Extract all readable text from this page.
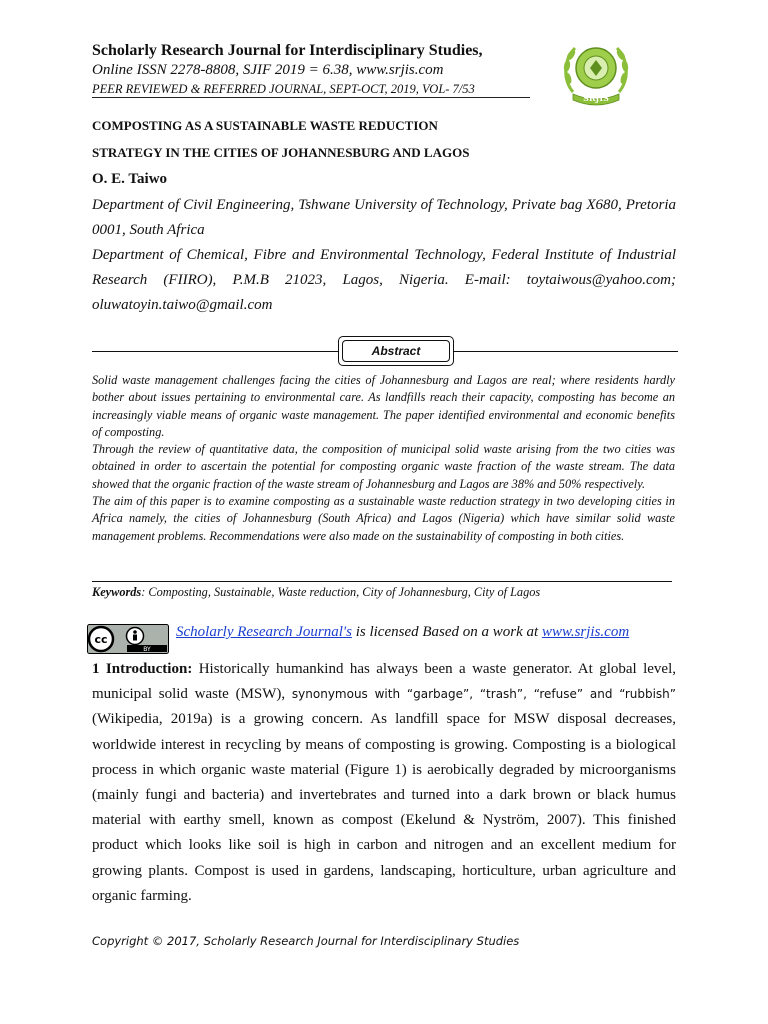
Scholarly Research Journal for Interdisciplinary Studies,
Online ISSN 2278-8808, SJIF 2019 = 6.38, www.srjis.com
PEER REVIEWED & REFERRED JOURNAL, SEPT-OCT, 2019, VOL- 7/53
SRJIS
COMPOSTING AS A SUSTAINABLE WASTE REDUCTION
STRATEGY IN THE CITIES OF JOHANNESBURG AND LAGOS
O. E. Taiwo

Department of Civil Engineering, Tshwane University of Technology, Private bag X680, Pretoria 0001, South Africa

Department of Chemical, Fibre and Environmental Technology, Federal Institute of Industrial Research (FIIRO), P.M.B 21023, Lagos, Nigeria. E-mail: toytaiwous@yahoo.com; oluwatoyin.taiwo@gmail.com

Abstract

Solid waste management challenges facing the cities of Johannesburg and Lagos are real; where residents hardly bother about issues pertaining to environmental care. As landfills reach their capacity, composting has become an increasingly viable means of organic waste management. The paper identified environmental and economic benefits of composting.

Through the review of quantitative data, the composition of municipal solid waste arising from the two cities was obtained in order to ascertain the potential for composting organic waste fraction of the waste stream. The data showed that the organic fraction of the waste stream of Johannesburg and Lagos are 38% and 50% respectively.

The aim of this paper is to examine composting as a sustainable waste reduction strategy in two developing cities in Africa namely, the cities of Johannesburg (South Africa) and Lagos (Nigeria) which have similar solid waste management problems. Recommendations were also made on the sustainability of composting in both cities.

Keywords: Composting, Sustainable, Waste reduction, City of Johannesburg, City of Lagos
BY
cc	Scholarly Research Journal's is licensed Based on a work at www.srjis.com

1 Introduction: Historically humankind has always been a waste generator. At global level, municipal solid waste (MSW), synonymous with “garbage”, “trash”, “refuse” and “rubbish” (Wikipedia, 2019a) is a growing concern. As landfill space for MSW disposal decreases, worldwide interest in recycling by means of composting is growing. Composting is a biological process in which organic waste material (Figure 1) is aerobically degraded by microorganisms (mainly fungi and bacteria) and invertebrates and turned into a dark brown or black humus material with earthy smell, known as compost (Ekelund & Nyström, 2007). This finished product which looks like soil is high in carbon and nitrogen and an excellent medium for growing plants. Compost is used in gardens, landscaping, horticulture, urban agriculture and organic farming.

Copyright © 2017, Scholarly Research Journal for Interdisciplinary Studies
